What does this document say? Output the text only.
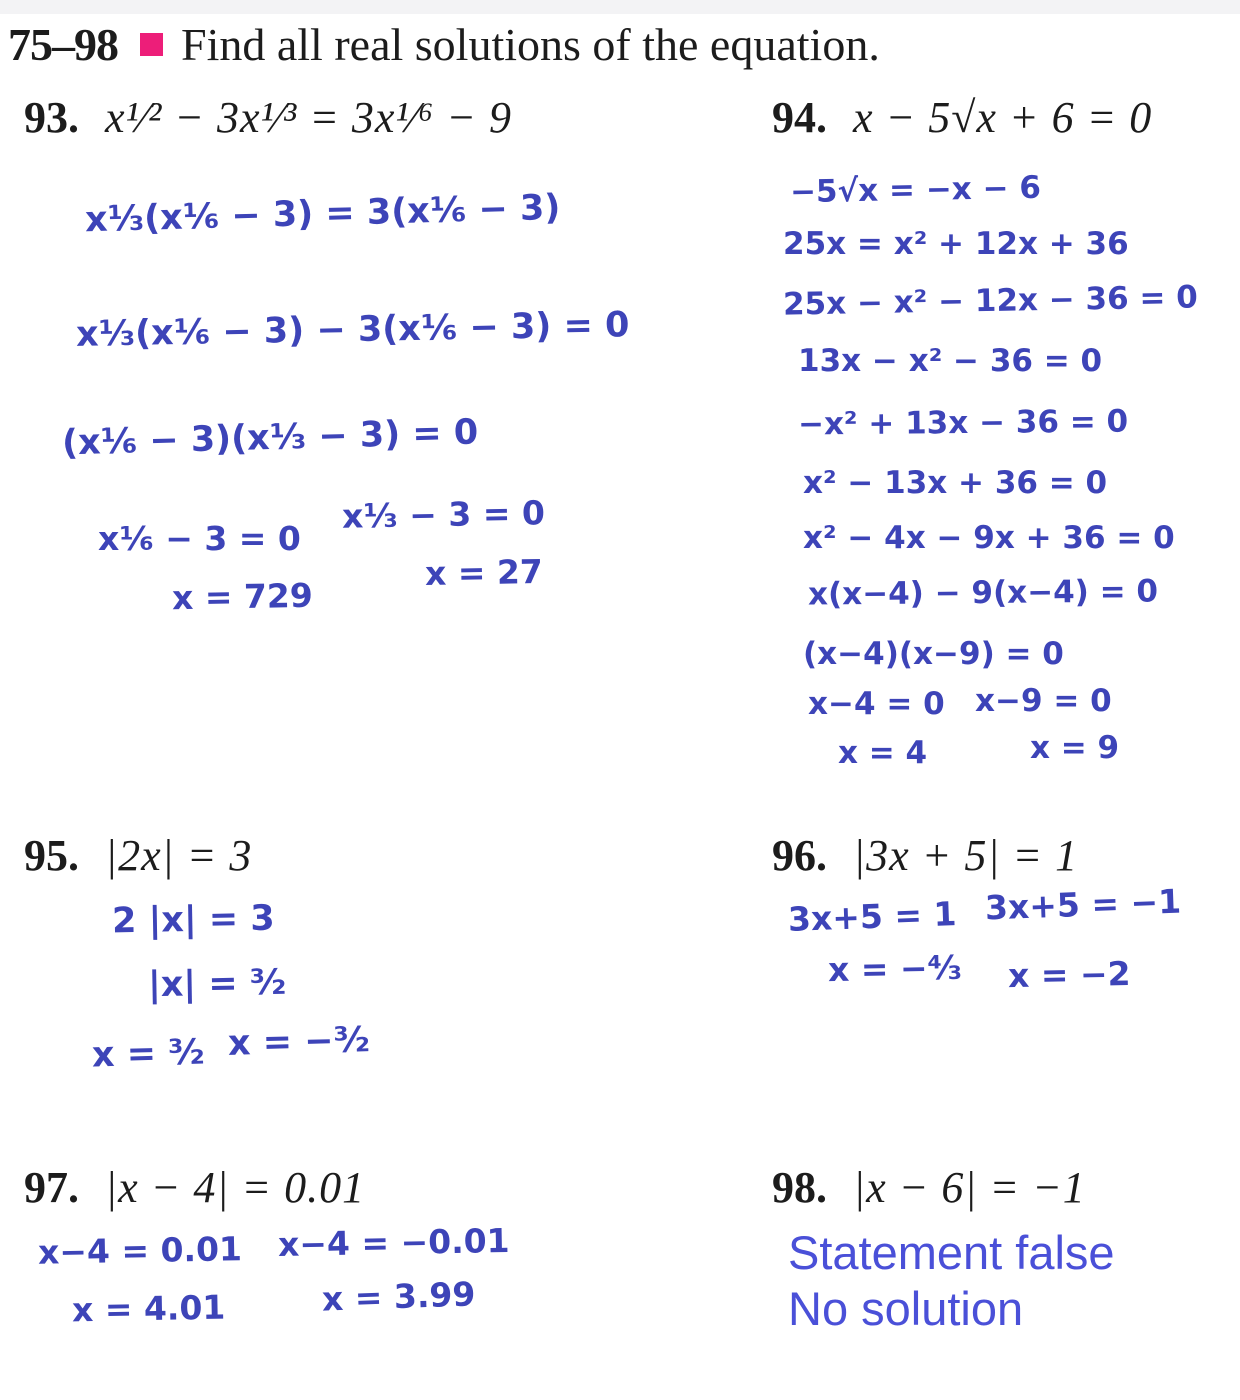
75–98 Find all real solutions of the equation.
93. x¹⁄² − 3x¹⁄³ = 3x¹⁄⁶ − 9
x¹⁄₃(x¹⁄₆ − 3) = 3(x¹⁄₆ − 3)
x¹⁄₃(x¹⁄₆ − 3) − 3(x¹⁄₆ − 3) = 0
(x¹⁄₆ − 3)(x¹⁄₃ − 3) = 0
x¹⁄₆ − 3 = 0
x = 729
x¹⁄₃ − 3 = 0
x = 27
94. x − 5√x + 6 = 0
−5√x = −x − 6
25x = x² + 12x + 36
25x − x² − 12x − 36 = 0
13x − x² − 36 = 0
−x² + 13x − 36 = 0
x² − 13x + 36 = 0
x² − 4x − 9x + 36 = 0
x(x−4) − 9(x−4) = 0
(x−4)(x−9) = 0
x−4 = 0 x−9 = 0
x = 4	x = 9
95. |2x| = 3
2 |x| = 3
|x| = ³⁄₂
x = ³⁄₂ x = −³⁄₂
96. |3x + 5| = 1
3x+5 = 1 3x+5 = −1
x = −⁴⁄₃ x = −2
97. |x − 4| = 0.01
x−4 = 0.01 x−4 = −0.01
x = 4.01	x = 3.99
98. |x − 6| = −1
Statement false
No solution
